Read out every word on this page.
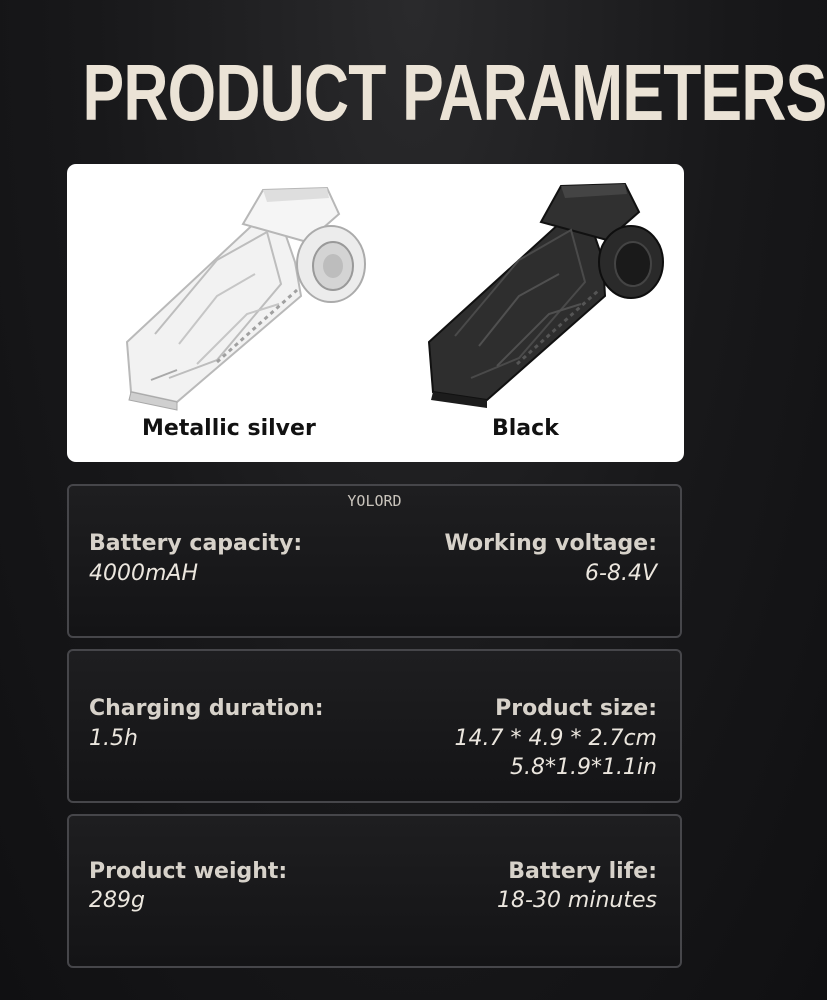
PRODUCT PARAMETERS
Metallic silver	Black
YOLORD
Battery capacity:
4000mAH
Working voltage:
6-8.4V
Charging duration:
1.5h
Product size:
14.7 * 4.9 * 2.7cm
5.8*1.9*1.1in
Product weight:
289g
Battery life:
18-30 minutes
